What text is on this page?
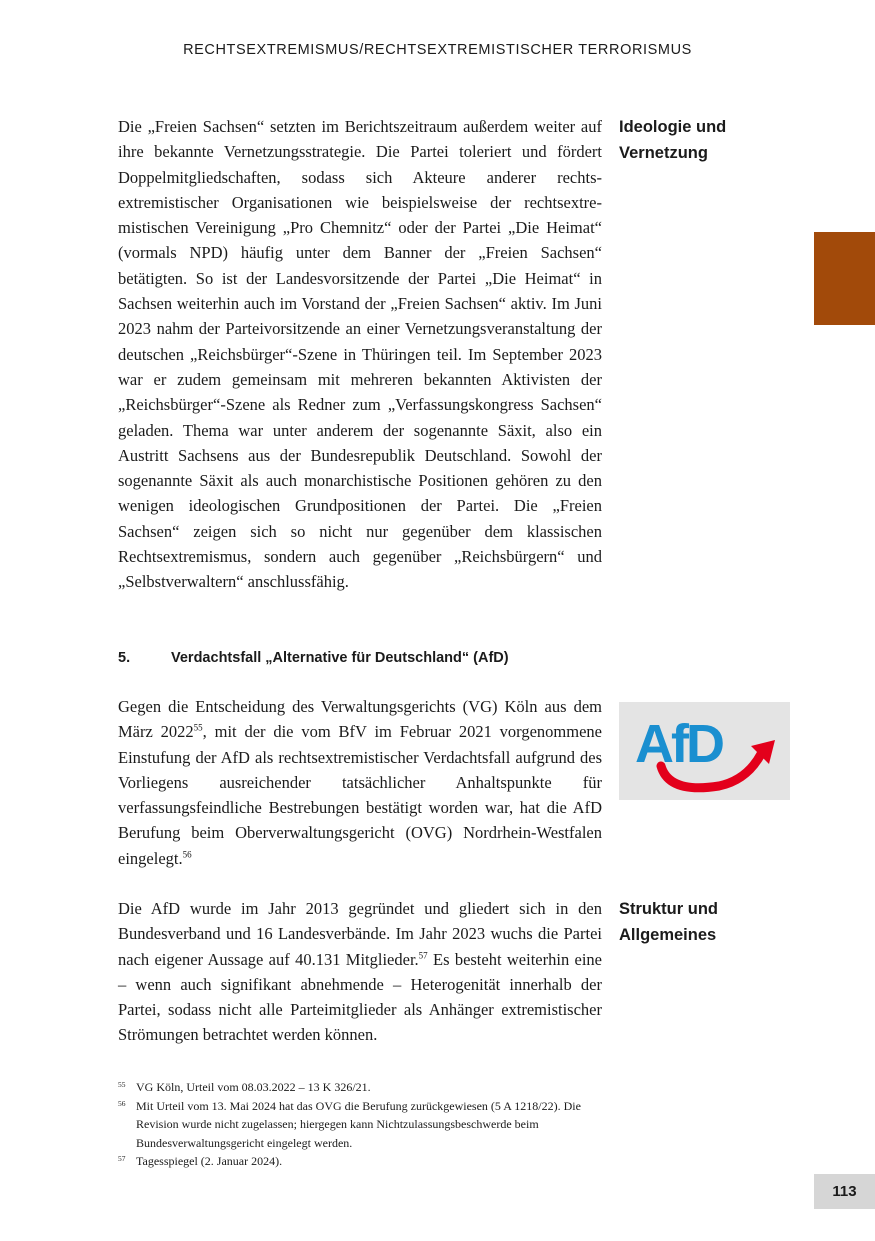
RECHTSEXTREMISMUS/RECHTSEXTREMISTISCHER TERRORISMUS

Die „Freien Sachsen“ setzten im Berichtszeitraum außerdem weiter auf ihre bekannte Vernetzungsstrategie. Die Partei toleriert und fördert Doppelmitgliedschaften, sodass sich Akteure anderer rechtsextremistischer Organisationen wie beispielsweise der rechtsextremistischen Vereinigung „Pro Chemnitz“ oder der Partei „Die Heimat“ (vormals NPD) häufig unter dem Banner der „Freien Sachsen“ betätigten. So ist der Landesvorsitzende der Partei „Die Heimat“ in Sachsen weiterhin auch im Vorstand der „Freien Sachsen“ aktiv. Im Juni 2023 nahm der Parteivorsitzende an einer Vernetzungsveranstaltung der deutschen „Reichsbürger“-Szene in Thüringen teil. Im September 2023 war er zudem gemeinsam mit mehreren bekannten Aktivisten der „Reichsbürger“-Szene als Redner zum „Verfassungskongress Sachsen“ geladen. Thema war unter anderem der sogenannte Säxit, also ein Austritt Sachsens aus der Bundesrepublik Deutschland. Sowohl der sogenannte Säxit als auch monarchistische Positionen gehören zu den wenigen ideologischen Grundpositionen der Partei. Die „Freien Sachsen“ zeigen sich so nicht nur gegenüber dem klassischen Rechtsextremismus, sondern auch gegenüber „Reichsbürgern“ und „Selbstverwaltern“ anschlussfähig.

Ideologie und
Vernetzung
5.	Verdachtsfall „Alternative für Deutschland“ (AfD)

Gegen die Entscheidung des Verwaltungsgerichts (VG) Köln aus dem März 2022$^{55}$, mit der die vom BfV im Februar 2021 vorgenommene Einstufung der AfD als rechtsextremistischer Verdachtsfall aufgrund des Vorliegens ausreichender tatsächlicher Anhaltspunkte für verfassungsfeindliche Bestrebungen bestätigt worden war, hat die AfD Berufung beim Oberverwaltungsgericht (OVG) Nordrhein-Westfalen eingelegt.$^{56}$

AfD
Struktur und
Allgemeines

Die AfD wurde im Jahr 2013 gegründet und gliedert sich in den Bundesverband und 16 Landesverbände. Im Jahr 2023 wuchs die Partei nach eigener Aussage auf 40.131 Mitglieder.$^{57}$ Es besteht weiterhin eine – wenn auch signifikant abnehmende – Heterogenität innerhalb der Partei, sodass nicht alle Parteimitglieder als Anhänger extremistischer Strömungen betrachtet werden können.

55 VG Köln, Urteil vom 08.03.2022 – 13 K 326/21.
56 Mit Urteil vom 13. Mai 2024 hat das OVG die Berufung zurückgewiesen (5 A 1218/22). Die Revision wurde nicht zugelassen; hiergegen kann Nichtzulassungsbeschwerde beim Bundesverwaltungsgericht eingelegt werden.
57 Tagesspiegel (2. Januar 2024).
113
